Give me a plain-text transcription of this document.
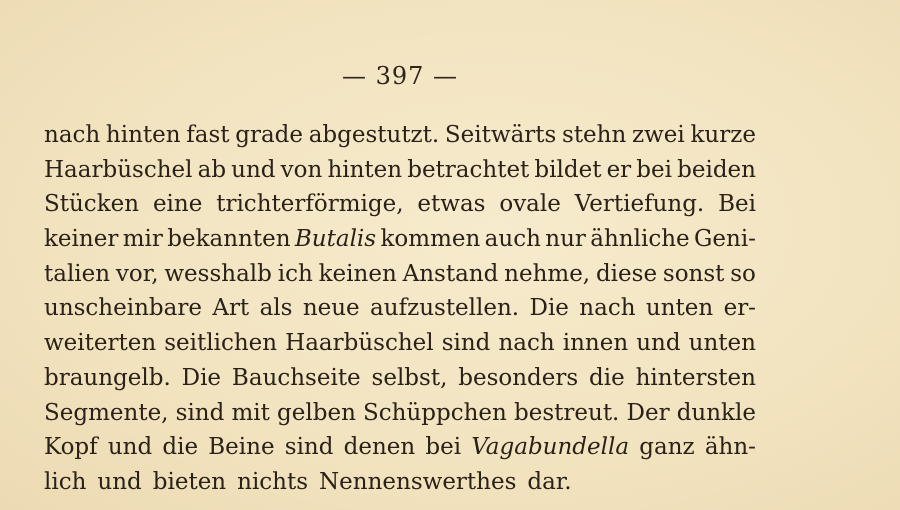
— 397 —
nach hinten fast grade abgestutzt. Seitwärts stehn zwei kurze
Haarbüschel ab und von hinten betrachtet bildet er bei beiden
Stücken eine trichterförmige, etwas ovale Vertiefung. Bei
keiner mir bekannten Butalis kommen auch nur ähnliche Geni-
talien vor, wesshalb ich keinen Anstand nehme, diese sonst so
unscheinbare Art als neue aufzustellen. Die nach unten er-
weiterten seitlichen Haarbüschel sind nach innen und unten
braungelb. Die Bauchseite selbst, besonders die hintersten
Segmente, sind mit gelben Schüppchen bestreut. Der dunkle
Kopf und die Beine sind denen bei Vagabundella ganz ähn-
lich und bieten nichts Nennenswerthes dar.
